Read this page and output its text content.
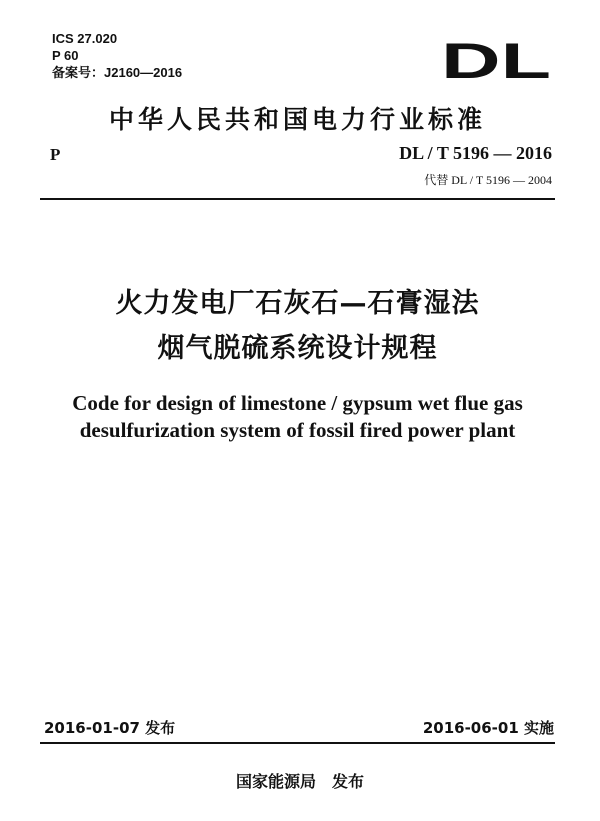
ICS 27.020
P 60
备案号：J2160—2016	DL
中华人民共和国电力行业标准
P	DL / T 5196 — 2016
代替 DL / T 5196 — 2004
火力发电厂石灰石—石膏湿法
烟气脱硫系统设计规程
Code for design of limestone / gypsum wet flue gas
desulfurization system of fossil fired power plant
2016-01-07 发布	2016-06-01 实施
国家能源局　发布
